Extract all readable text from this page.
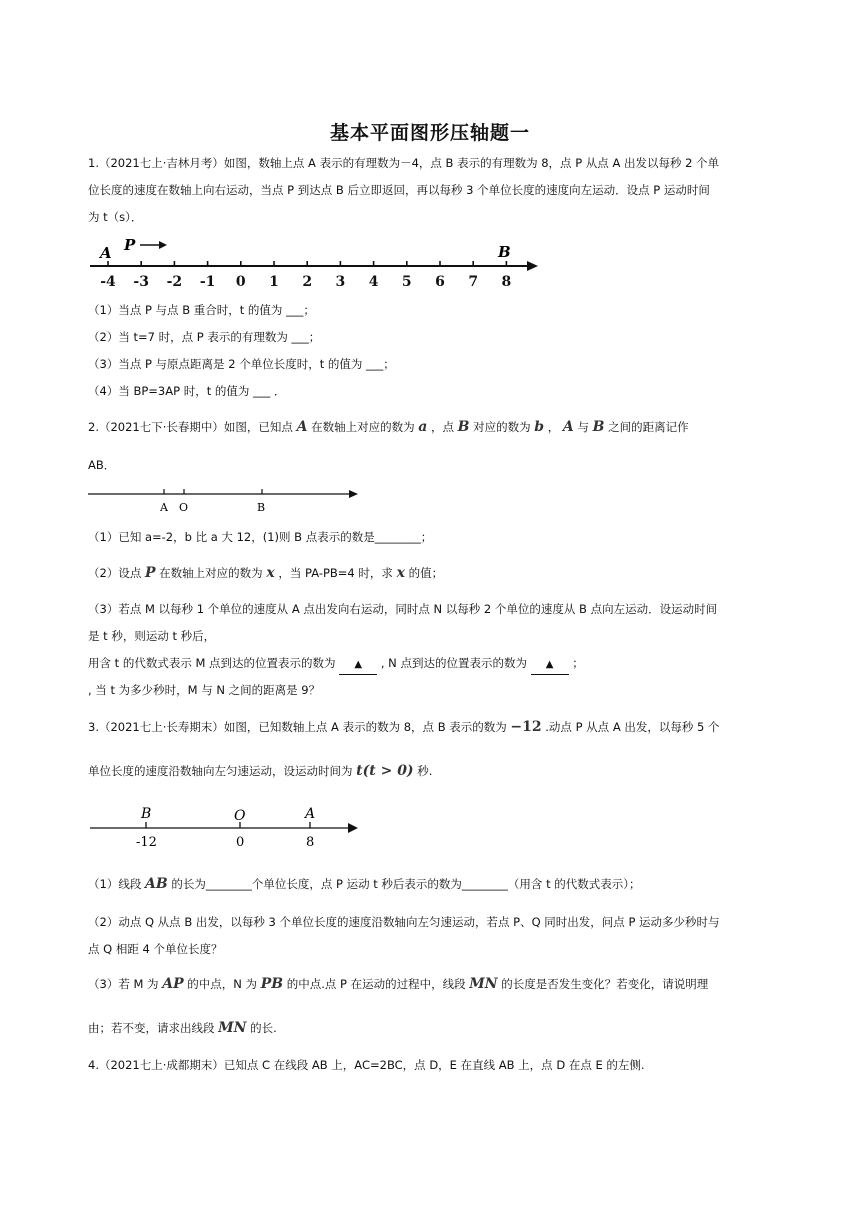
基本平面图形压轴题一
1.（2021七上·吉林月考）如图，数轴上点 A 表示的有理数为－4，点 B 表示的有理数为 8，点 P 从点 A 出发以每秒 2 个单
位长度的速度在数轴上向右运动，当点 P 到达点 B 后立即返回，再以每秒 3 个单位长度的速度向左运动．设点 P 运动时间
为 t（s）．
-4 -3 -2 -1 0 1 2 3 4 5 6 7 8
A P	B
（1）当点 P 与点 B 重合时，t 的值为 ___；
（2）当 t=7 时，点 P 表示的有理数为 ___；
（3）当点 P 与原点距离是 2 个单位长度时，t 的值为 ___；
（4）当 BP=3AP 时，t 的值为 ___ ．
2.（2021七下·长春期中）如图，已知点 A 在数轴上对应的数为 a ，点 B 对应的数为 b ， A 与 B 之间的距离记作
AB．
A O	B
（1）已知 a=-2，b 比 a 大 12，(1)则 B 点表示的数是________；
（2）设点 P 在数轴上对应的数为 x ，当 PA-PB=4 时，求 x 的值；
（3）若点 M 以每秒 1 个单位的速度从 A 点出发向右运动，同时点 N 以每秒 2 个单位的速度从 B 点向左运动．设运动时间
是 t 秒，则运动 t 秒后，
用含 t 的代数式表示 M 点到达的位置表示的数为 ▲ , N 点到达的位置表示的数为 ▲ ；
, 当 t 为多少秒时，M 与 N 之间的距离是 9？
3.（2021七上·长寿期末）如图，已知数轴上点 A 表示的数为 8，点 B 表示的数为 −12 .动点 P 从点 A 出发，以每秒 5 个
单位长度的速度沿数轴向左匀速运动，设运动时间为 t(t > 0) 秒.
B	O	A
-12	0	8
（1）线段 AB 的长为________个单位长度，点 P 运动 t 秒后表示的数为________（用含 t 的代数式表示）；
（2）动点 Q 从点 B 出发，以每秒 3 个单位长度的速度沿数轴向左匀速运动，若点 P、Q 同时出发，问点 P 运动多少秒时与
点 Q 相距 4 个单位长度？
（3）若 M 为 AP 的中点，N 为 PB 的中点.点 P 在运动的过程中，线段 MN 的长度是否发生变化？若变化，请说明理
由；若不变，请求出线段 MN 的长.
4.（2021七上·成都期末）已知点 C 在线段 AB 上，AC=2BC，点 D，E 在直线 AB 上，点 D 在点 E 的左侧.
